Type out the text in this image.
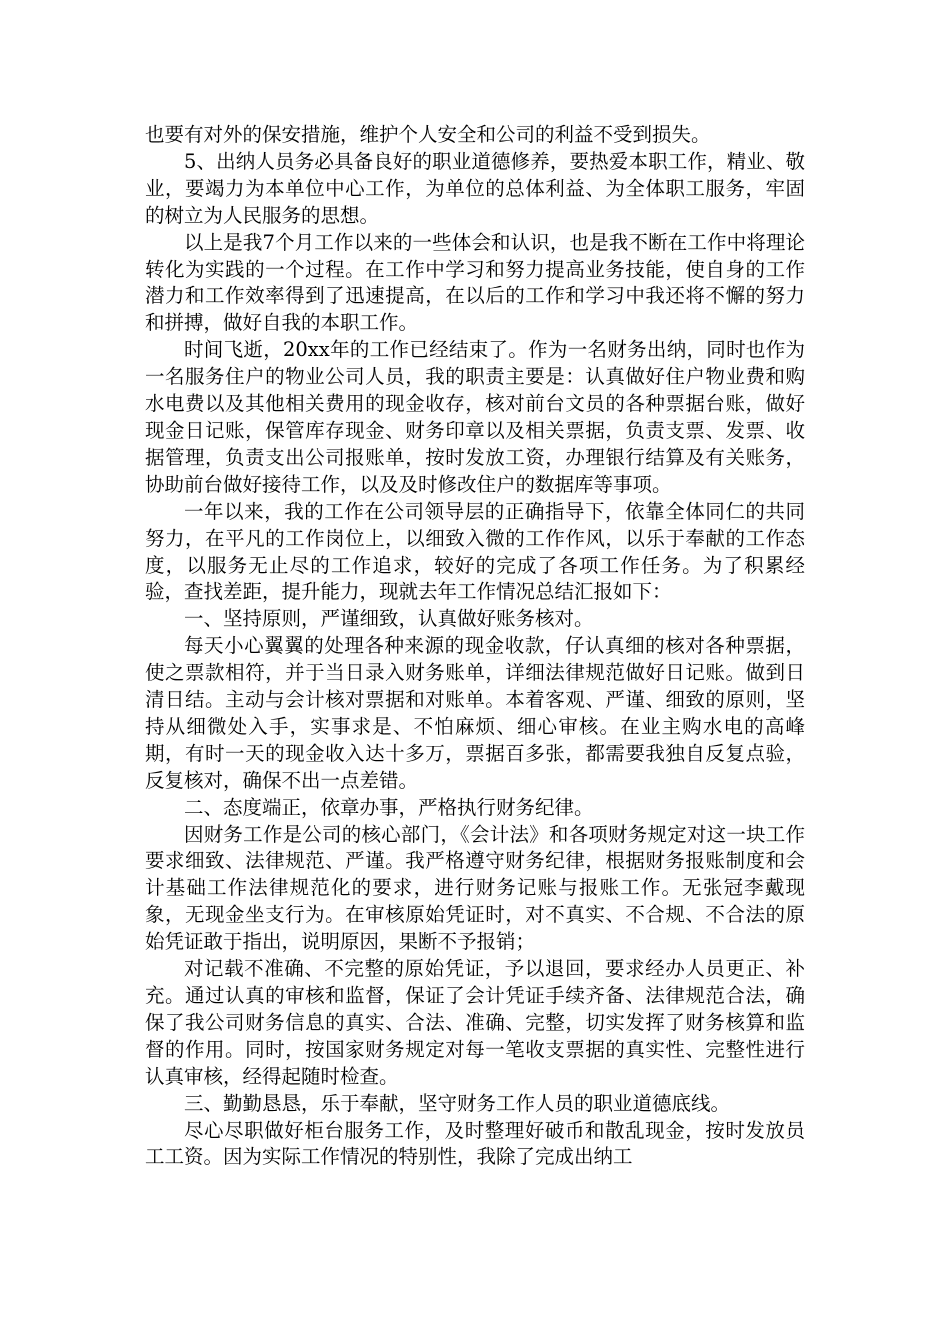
也要有对外的保安措施，维护个人安全和公司的利益不受到损失。

5、出纳人员务必具备良好的职业道德修养，要热爱本职工作，精业、敬业，要竭力为本单位中心工作，为单位的总体利益、为全体职工服务，牢固的树立为人民服务的思想。

以上是我7个月工作以来的一些体会和认识，也是我不断在工作中将理论转化为实践的一个过程。在工作中学习和努力提高业务技能，使自身的工作潜力和工作效率得到了迅速提高，在以后的工作和学习中我还将不懈的努力和拼搏，做好自我的本职工作。

时间飞逝，20xx年的工作已经结束了。作为一名财务出纳，同时也作为一名服务住户的物业公司人员，我的职责主要是：认真做好住户物业费和购水电费以及其他相关费用的现金收存，核对前台文员的各种票据台账，做好现金日记账，保管库存现金、财务印章以及相关票据，负责支票、发票、收据管理，负责支出公司报账单，按时发放工资，办理银行结算及有关账务，协助前台做好接待工作，以及及时修改住户的数据库等事项。

一年以来，我的工作在公司领导层的正确指导下，依靠全体同仁的共同努力，在平凡的工作岗位上，以细致入微的工作作风，以乐于奉献的工作态度，以服务无止尽的工作追求，较好的完成了各项工作任务。为了积累经验，查找差距，提升能力，现就去年工作情况总结汇报如下：

一、坚持原则，严谨细致，认真做好账务核对。

每天小心翼翼的处理各种来源的现金收款，仔认真细的核对各种票据，使之票款相符，并于当日录入财务账单，详细法律规范做好日记账。做到日清日结。主动与会计核对票据和对账单。本着客观、严谨、细致的原则，坚持从细微处入手，实事求是、不怕麻烦、细心审核。在业主购水电的高峰期，有时一天的现金收入达十多万，票据百多张，都需要我独自反复点验，反复核对，确保不出一点差错。

二、态度端正，依章办事，严格执行财务纪律。

因财务工作是公司的核心部门，《会计法》和各项财务规定对这一块工作要求细致、法律规范、严谨。我严格遵守财务纪律，根据财务报账制度和会计基础工作法律规范化的要求，进行财务记账与报账工作。无张冠李戴现象，无现金坐支行为。在审核原始凭证时，对不真实、不合规、不合法的原始凭证敢于指出，说明原因，果断不予报销；

对记载不准确、不完整的原始凭证，予以退回，要求经办人员更正、补充。通过认真的审核和监督，保证了会计凭证手续齐备、法律规范合法，确保了我公司财务信息的真实、合法、准确、完整，切实发挥了财务核算和监督的作用。同时，按国家财务规定对每一笔收支票据的真实性、完整性进行认真审核，经得起随时检查。

三、勤勤恳恳，乐于奉献，坚守财务工作人员的职业道德底线。

尽心尽职做好柜台服务工作，及时整理好破币和散乱现金，按时发放员工工资。因为实际工作情况的特别性，我除了完成出纳工
